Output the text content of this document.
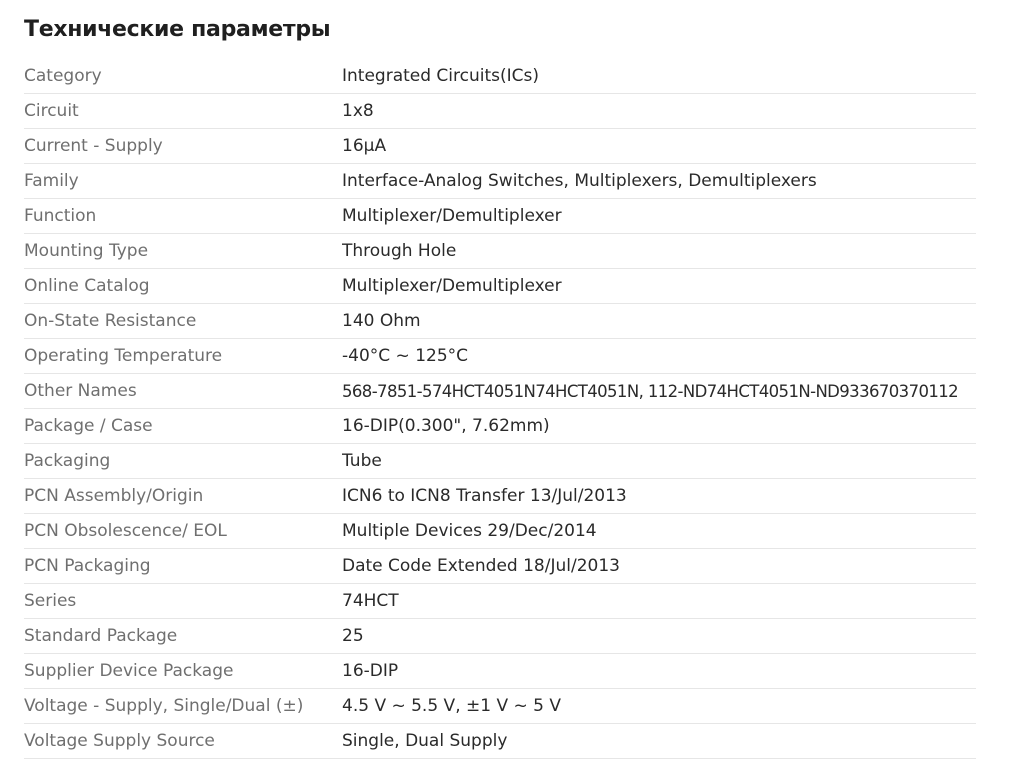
Технические параметры
Category	Integrated Circuits(ICs)
Circuit	1x8
Current - Supply	16µA
Family	Interface-Analog Switches, Multiplexers, Demultiplexers
Function	Multiplexer/Demultiplexer
Mounting Type	Through Hole
Online Catalog	Multiplexer/Demultiplexer
On-State Resistance	140 Ohm
Operating Temperature	-40°C ~ 125°C
Other Names	568-7851-574HCT4051N74HCT4051N, 112-ND74HCT4051N-ND933670370112
Package / Case	16-DIP(0.300", 7.62mm)
Packaging	Tube
PCN Assembly/Origin	ICN6 to ICN8 Transfer 13/Jul/2013
PCN Obsolescence/ EOL	Multiple Devices 29/Dec/2014
PCN Packaging	Date Code Extended 18/Jul/2013
Series	74HCT
Standard Package	25
Supplier Device Package	16-DIP
Voltage - Supply, Single/Dual (±)	4.5 V ~ 5.5 V, ±1 V ~ 5 V
Voltage Supply Source	Single, Dual Supply
